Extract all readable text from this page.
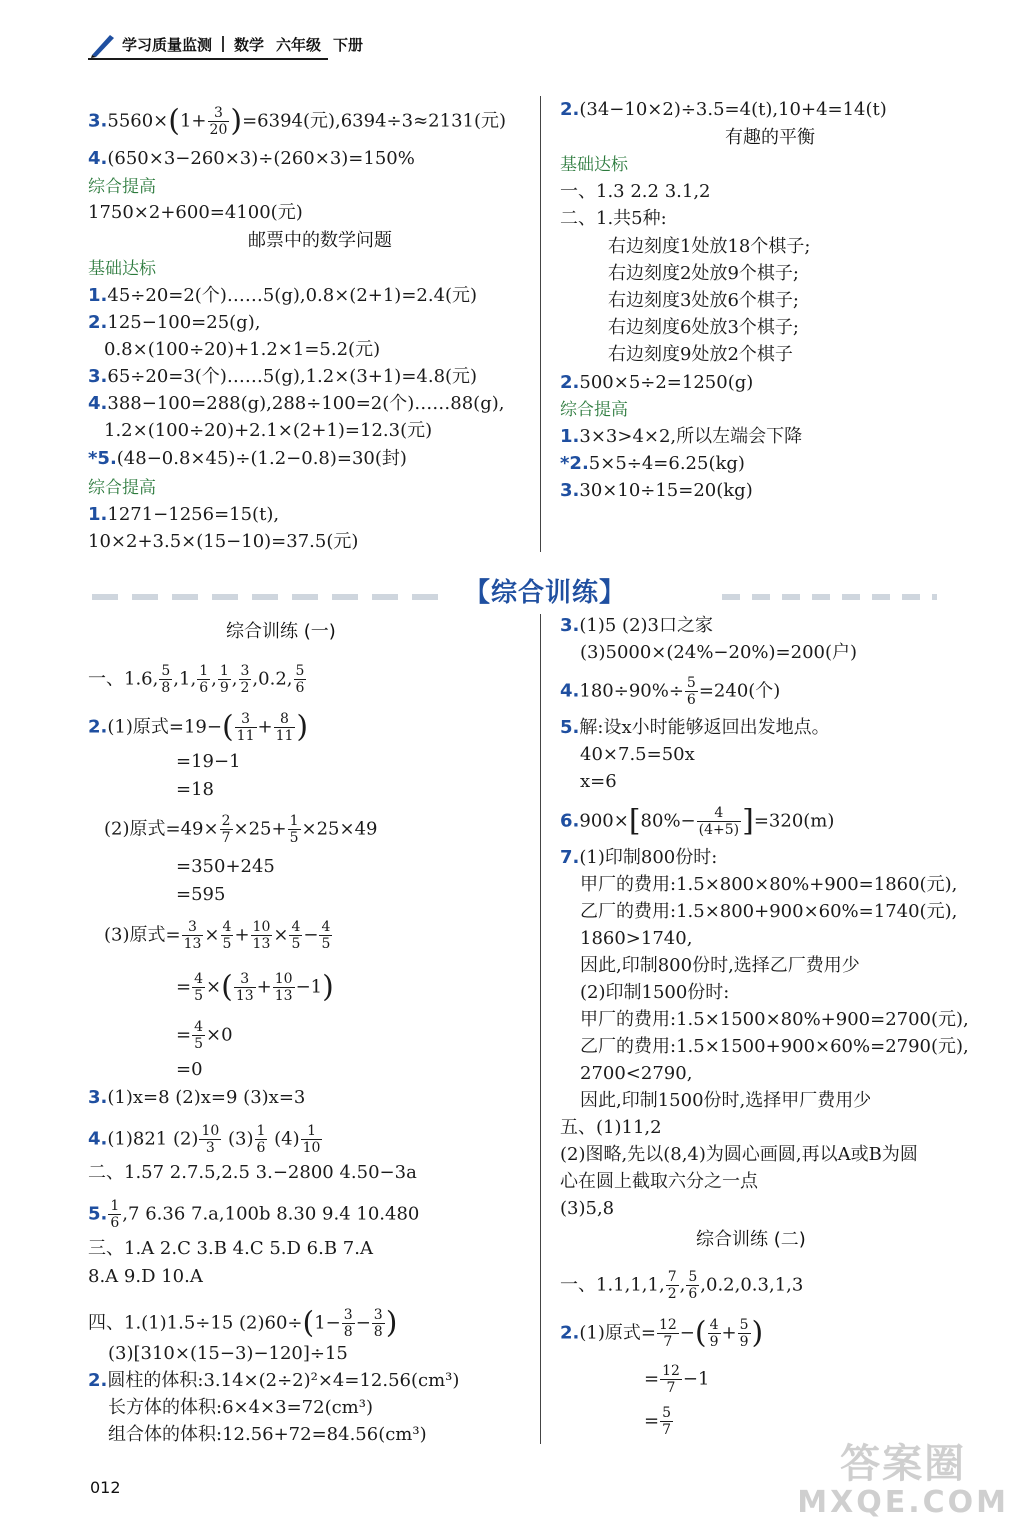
学习质量监测 数学 六年级 下册
$3.5560\times(1+ \frac{3}{20} )=6394$(元),6394÷3≈2131(元)
4.(650×3−260×3)÷(260×3)=150%
综合提高
1750×2+600=4100(元)
邮票中的数学问题
基础达标
1.45÷20=2(个)……5(g),0.8×(2+1)=2.4(元)
2.125−100=25(g),
0.8×(100÷20)+1.2×1=5.2(元)
3.65÷20=3(个)……5(g),1.2×(3+1)=4.8(元)
4.388−100=288(g),288÷100=2(个)……88(g),
1.2×(100÷20)+2.1×(2+1)=12.3(元)
*5.(48−0.8×45)÷(1.2−0.8)=30(封)
综合提高
1.1271−1256=15(t),
10×2+3.5×(15−10)=37.5(元)
2.(34−10×2)÷3.5=4(t),10+4=14(t)
有趣的平衡
基础达标
一、1.3 2.2 3.1,2
二、1.共5种:
右边刻度1处放18个棋子;
右边刻度2处放9个棋子;
右边刻度3处放6个棋子;
右边刻度6处放3个棋子;
右边刻度9处放2个棋子
2.500×5÷2=1250(g)
综合提高
1.3×3>4×2,所以左端会下降
*2.5×5÷4=6.25(kg)
3.30×10÷15=20(kg)
【综合训练】
综合训练 (一)
一、1.6, $\frac{5}{8} ,1$, $\frac{1}{6}$ , $\frac{1}{9}$ , $\frac{3}{2} ,0.2$, $\frac{5}{6}$
2.(1)原式$=19-( \frac{3}{11} + \frac{8}{11}$ )
=19−1
=18
(2)原式$=49\times \frac{2}{7} \times 25+ \frac{1}{5} \times 25\times 49$
=350+245
=595
(3)原式= $\frac{3}{13} \times \frac{4}{5} + \frac{10}{13} \times \frac{4}{5} - \frac{4}{5}$
= $\frac{4}{5}$ ×( $\frac{3}{13} + \frac{10}{13} -1$)
= $\frac{4}{5} \times 0$
=0
3.(1)x=8 (2)x=9 (3)x=3
4.(1)821 $(2) \frac{10}{3} (3) \frac{1}{6} (4) \frac{1}{10}$
二、1.57 2.7.5,2.5 3.−2800 4.50−3a
5. $\frac{1}{6} ,7$ 6.36 7.a,100b 8.30 9.4 10.480
三、1.A 2.C 3.B 4.C 5.D 6.B 7.A
8.A 9.D 10.A
四、1.(1)1.5÷15 $(2)60\div(1- \frac{3}{8} - \frac{3}{8}$ )
(3)[310×(15−3)−120]÷15
2.圆柱的体积:3.14×(2÷2)²×4=12.56(cm³)
长方体的体积:6×4×3=72(cm³)
组合体的体积:12.56+72=84.56(cm³)
3.(1)5 (2)3口之家
(3)5000×(24%−20%)=200(户)
$4.180\div 90\%\div \frac{5}{6} =240$(个)
5.解:设x小时能够返回出发地点。
40×7.5=50x
x=6
$6.900\times[80\%- \frac{4}{(4+5)} ]=320(m)$
7.(1)印制800份时:
甲厂的费用:1.5×800×80%+900=1860(元),
乙厂的费用:1.5×800+900×60%=1740(元),
1860>1740,
因此,印制800份时,选择乙厂费用少
(2)印制1500份时:
甲厂的费用:1.5×1500×80%+900=2700(元),
乙厂的费用:1.5×1500+900×60%=2790(元),
2700<2790,
因此,印制1500份时,选择甲厂费用少
五、(1)11,2
(2)图略,先以(8,4)为圆心画圆,再以A或B为圆
心在圆上截取六分之一点
(3)5,8
综合训练 (二)
一、1.1,1,1, $\frac{7}{2}$ , $\frac{5}{6} ,0.2,0.3,1,3$
2.(1)原式= $\frac{12}{7}$ −( $\frac{4}{9} + \frac{5}{9}$ )
= $\frac{12}{7} -1$
= $\frac{5}{7}$
012
答案圈
MXQE.COM
